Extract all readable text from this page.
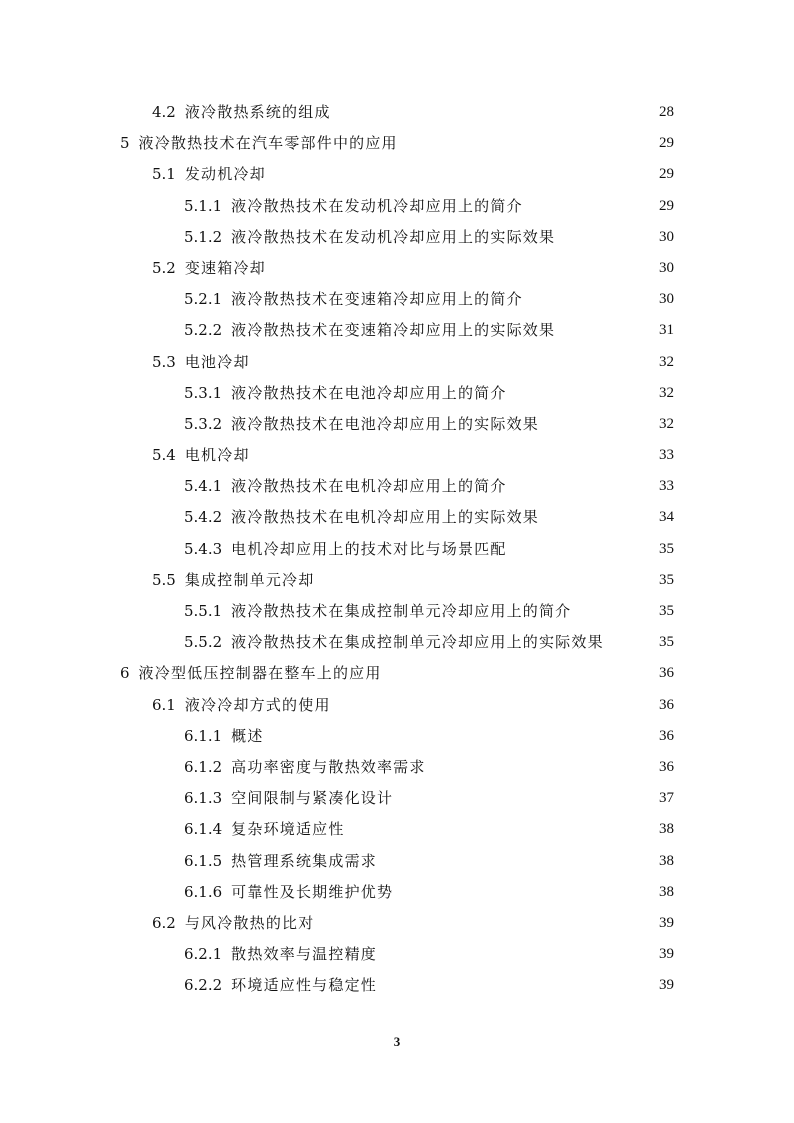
4.2 液冷散热系统的组成	28
5 液冷散热技术在汽车零部件中的应用	29
5.1 发动机冷却	29
5.1.1 液冷散热技术在发动机冷却应用上的简介	29
5.1.2 液冷散热技术在发动机冷却应用上的实际效果	30
5.2 变速箱冷却	30
5.2.1 液冷散热技术在变速箱冷却应用上的简介	30
5.2.2 液冷散热技术在变速箱冷却应用上的实际效果	31
5.3 电池冷却	32
5.3.1 液冷散热技术在电池冷却应用上的简介	32
5.3.2 液冷散热技术在电池冷却应用上的实际效果	32
5.4 电机冷却	33
5.4.1 液冷散热技术在电机冷却应用上的简介	33
5.4.2 液冷散热技术在电机冷却应用上的实际效果	34
5.4.3 电机冷却应用上的技术对比与场景匹配	35
5.5 集成控制单元冷却	35
5.5.1 液冷散热技术在集成控制单元冷却应用上的简介	35
5.5.2 液冷散热技术在集成控制单元冷却应用上的实际效果	35
6 液冷型低压控制器在整车上的应用	36
6.1 液冷冷却方式的使用	36
6.1.1 概述	36
6.1.2 高功率密度与散热效率需求	36
6.1.3 空间限制与紧凑化设计	37
6.1.4 复杂环境适应性	38
6.1.5 热管理系统集成需求	38
6.1.6 可靠性及长期维护优势	38
6.2 与风冷散热的比对	39
6.2.1 散热效率与温控精度	39
6.2.2 环境适应性与稳定性	39
3
